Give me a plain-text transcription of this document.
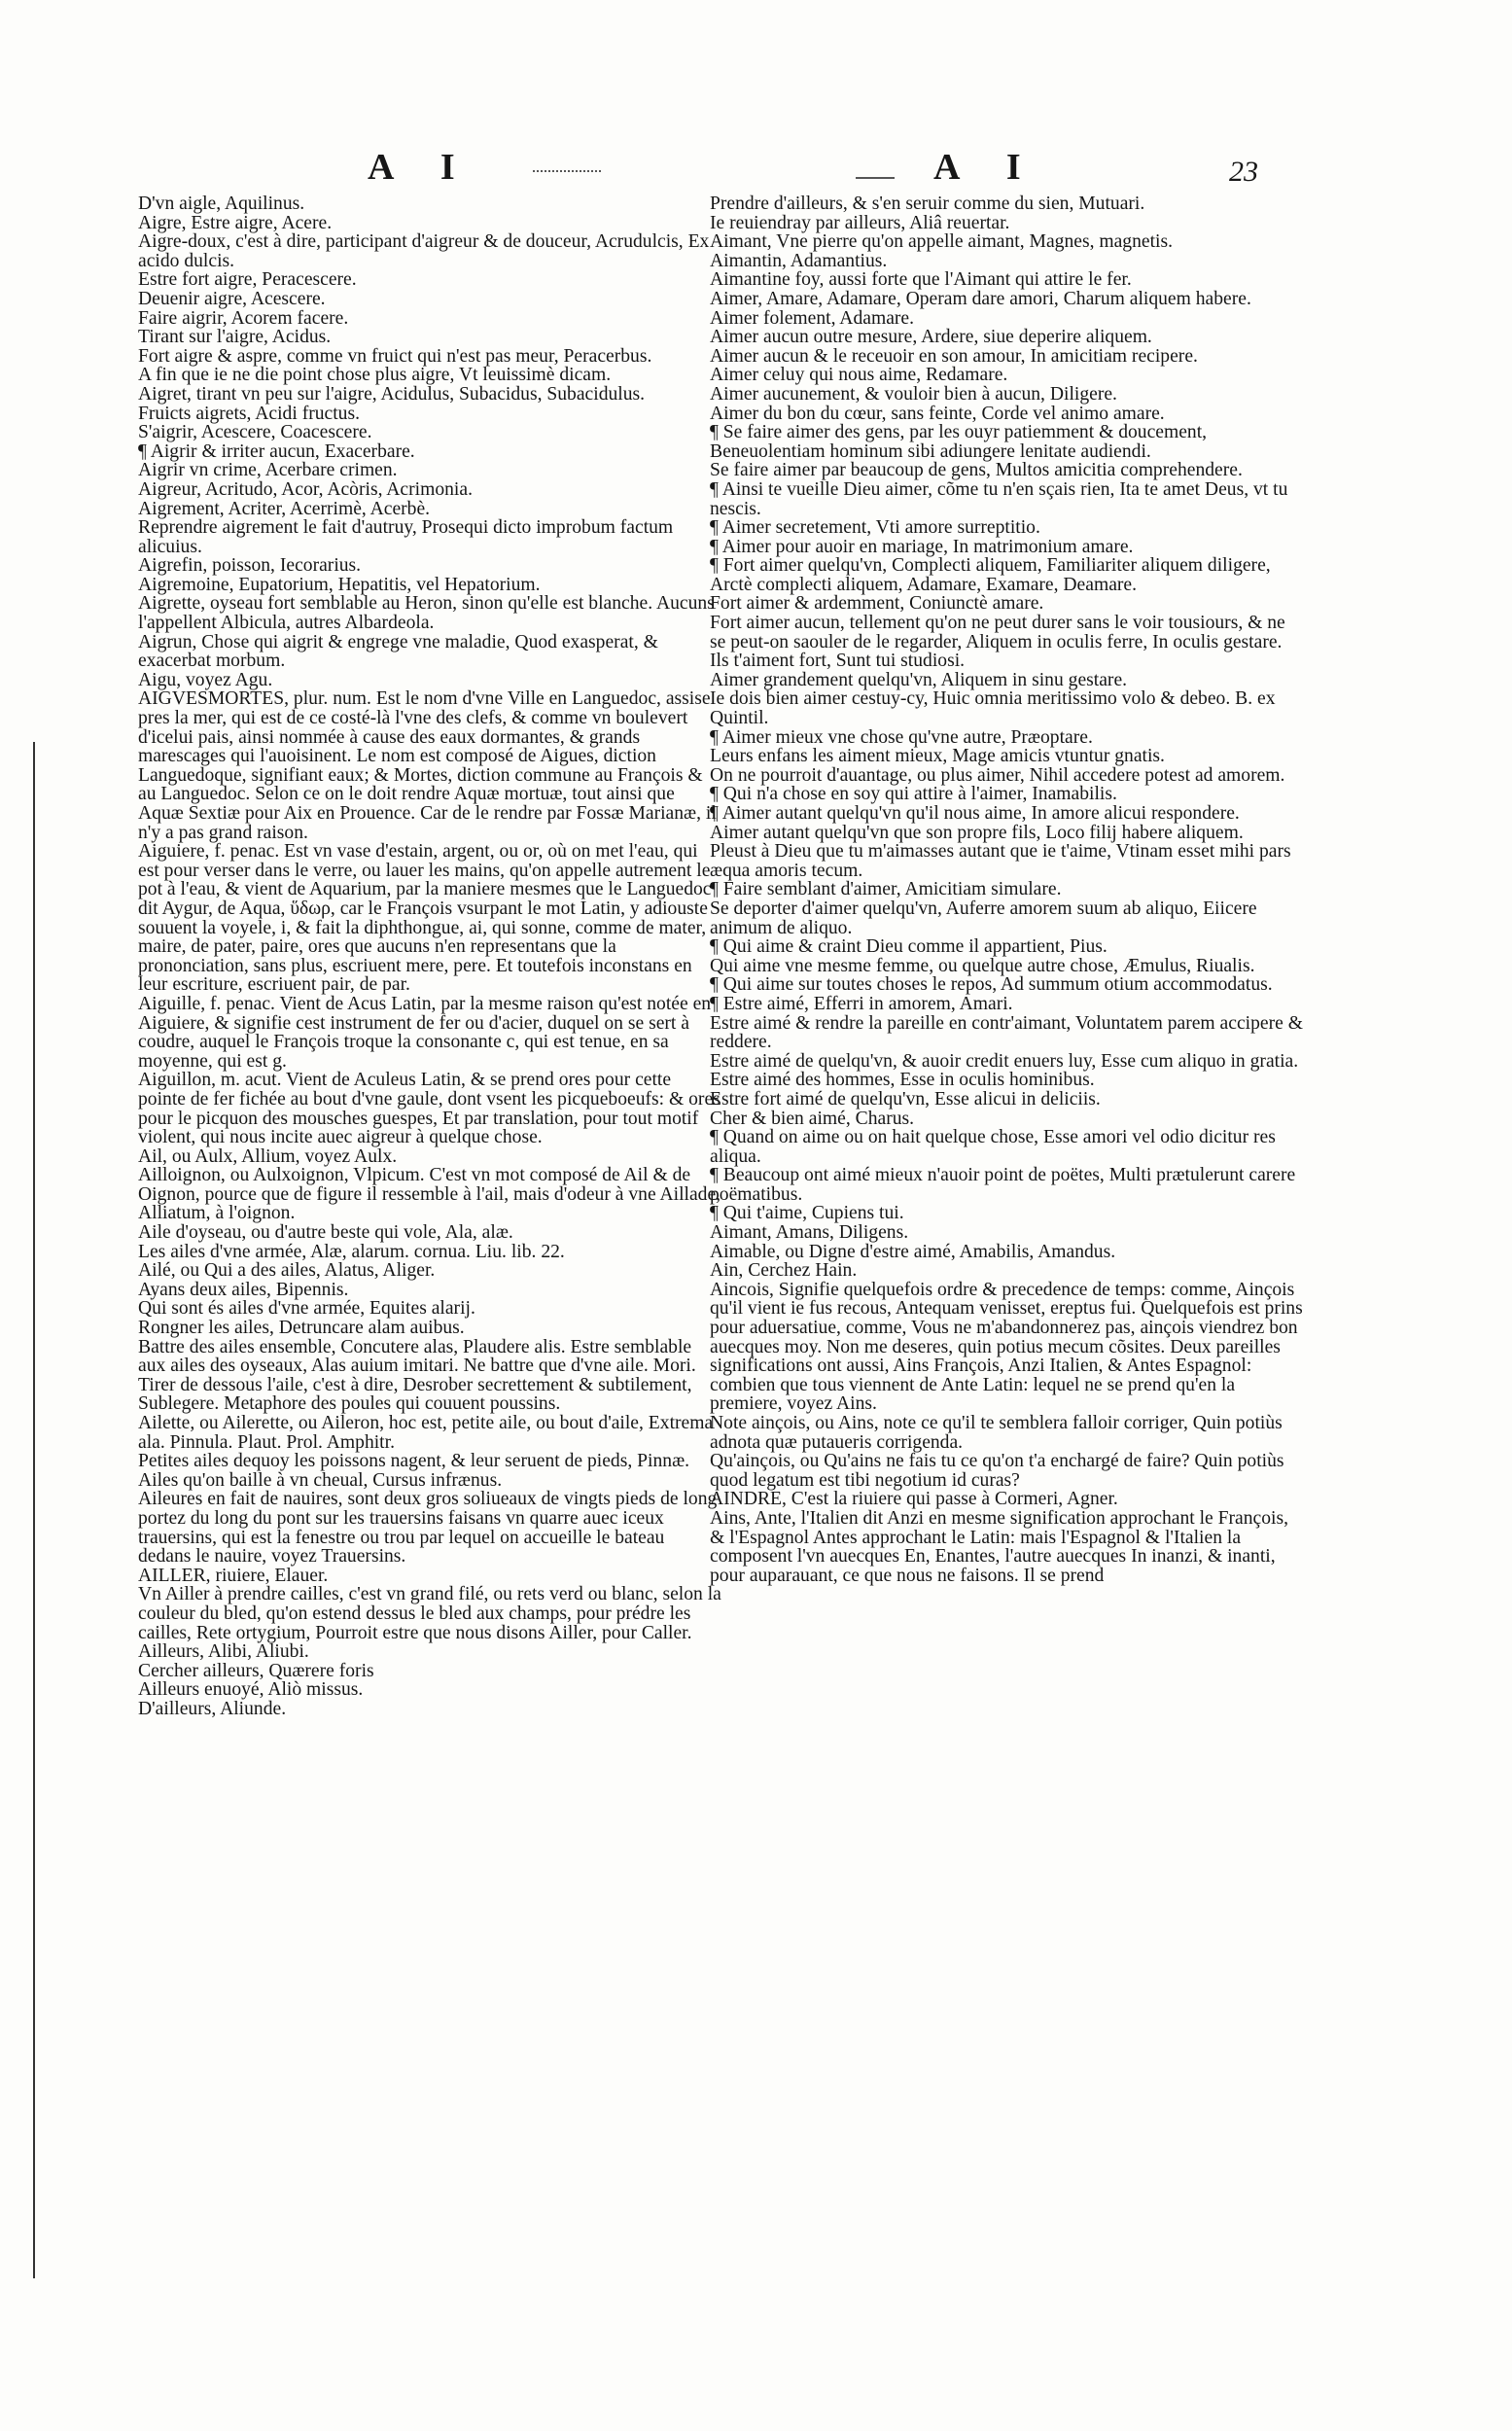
A I	A I	23

D'vn aigle, Aquilinus.

Aigre, Estre aigre, Acere.

Aigre-doux, c'est à dire, participant d'aigreur & de douceur, Acrudulcis, Ex acido dulcis.

Estre fort aigre, Peracescere.

Deuenir aigre, Acescere.

Faire aigrir, Acorem facere.

Tirant sur l'aigre, Acidus.

Fort aigre & aspre, comme vn fruict qui n'est pas meur, Peracerbus.

A fin que ie ne die point chose plus aigre, Vt leuissimè dicam.

Aigret, tirant vn peu sur l'aigre, Acidulus, Subacidus, Subacidulus.

Fruicts aigrets, Acidi fructus.

S'aigrir, Acescere, Coacescere.

¶ Aigrir & irriter aucun, Exacerbare.

Aigrir vn crime, Acerbare crimen.

Aigreur, Acritudo, Acor, Acòris, Acrimonia.

Aigrement, Acriter, Acerrimè, Acerbè.

Reprendre aigrement le fait d'autruy, Prosequi dicto improbum factum alicuius.

Aigrefin, poisson, Iecorarius.

Aigremoine, Eupatorium, Hepatitis, vel Hepatorium.

Aigrette, oyseau fort semblable au Heron, sinon qu'elle est blanche. Aucuns l'appellent Albicula, autres Albardeola.

Aigrun, Chose qui aigrit & engrege vne maladie, Quod exasperat, & exacerbat morbum.

Aigu, voyez Agu.

AIGVESMORTES, plur. num. Est le nom d'vne Ville en Languedoc, assise pres la mer, qui est de ce costé-là l'vne des clefs, & comme vn boulevert d'icelui pais, ainsi nommée à cause des eaux dormantes, & grands marescages qui l'auoisinent. Le nom est composé de Aigues, diction Languedoque, signifiant eaux; & Mortes, diction commune au François & au Languedoc. Selon ce on le doit rendre Aquæ mortuæ, tout ainsi que Aquæ Sextiæ pour Aix en Prouence. Car de le rendre par Fossæ Marianæ, il n'y a pas grand raison.

Aiguiere, f. penac. Est vn vase d'estain, argent, ou or, où on met l'eau, qui est pour verser dans le verre, ou lauer les mains, qu'on appelle autrement le pot à l'eau, & vient de Aquarium, par la maniere mesmes que le Languedoc dit Aygur, de Aqua, ὕδωρ, car le François vsurpant le mot Latin, y adiouste souuent la voyele, i, & fait la diphthongue, ai, qui sonne, comme de mater, maire, de pater, paire, ores que aucuns n'en representans que la prononciation, sans plus, escriuent mere, pere. Et toutefois inconstans en leur escriture, escriuent pair, de par.

Aiguille, f. penac. Vient de Acus Latin, par la mesme raison qu'est notée en Aiguiere, & signifie cest instrument de fer ou d'acier, duquel on se sert à coudre, auquel le François troque la consonante c, qui est tenue, en sa moyenne, qui est g.

Aiguillon, m. acut. Vient de Aculeus Latin, & se prend ores pour cette pointe de fer fichée au bout d'vne gaule, dont vsent les picqueboeufs: & ores pour le picquon des mousches guespes, Et par translation, pour tout motif violent, qui nous incite auec aigreur à quelque chose.

Ail, ou Aulx, Allium, voyez Aulx.

Ailloignon, ou Aulxoignon, Vlpicum. C'est vn mot composé de Ail & de Oignon, pource que de figure il ressemble à l'ail, mais d'odeur à vne Aillade, Alliatum, à l'oignon.

Aile d'oyseau, ou d'autre beste qui vole, Ala, alæ.

Les ailes d'vne armée, Alæ, alarum. cornua. Liu. lib. 22.

Ailé, ou Qui a des ailes, Alatus, Aliger.

Ayans deux ailes, Bipennis.

Qui sont és ailes d'vne armée, Equites alarij.

Rongner les ailes, Detruncare alam auibus.

Battre des ailes ensemble, Concutere alas, Plaudere alis. Estre semblable aux ailes des oyseaux, Alas auium imitari. Ne battre que d'vne aile. Mori.

Tirer de dessous l'aile, c'est à dire, Desrober secrettement & subtilement, Sublegere. Metaphore des poules qui couuent poussins.

Ailette, ou Ailerette, ou Aileron, hoc est, petite aile, ou bout d'aile, Extrema ala. Pinnula. Plaut. Prol. Amphitr.

Petites ailes dequoy les poissons nagent, & leur seruent de pieds, Pinnæ.

Ailes qu'on baille à vn cheual, Cursus infrænus.

Aileures en fait de nauires, sont deux gros soliueaux de vingts pieds de long portez du long du pont sur les trauersins faisans vn quarre auec iceux trauersins, qui est la fenestre ou trou par lequel on accueille le bateau dedans le nauire, voyez Trauersins.

AILLER, riuiere, Elauer.

Vn Ailler à prendre cailles, c'est vn grand filé, ou rets verd ou blanc, selon la couleur du bled, qu'on estend dessus le bled aux champs, pour prédre les cailles, Rete ortygium, Pourroit estre que nous disons Ailler, pour Caller.

Ailleurs, Alibi, Aliubi.

Cercher ailleurs, Quærere foris

Ailleurs enuoyé, Aliò missus.

D'ailleurs, Aliunde.

Prendre d'ailleurs, & s'en seruir comme du sien, Mutuari.

Ie reuiendray par ailleurs, Aliâ reuertar.

Aimant, Vne pierre qu'on appelle aimant, Magnes, magnetis.

Aimantin, Adamantius.

Aimantine foy, aussi forte que l'Aimant qui attire le fer.

Aimer, Amare, Adamare, Operam dare amori, Charum aliquem habere.

Aimer folement, Adamare.

Aimer aucun outre mesure, Ardere, siue deperire aliquem.

Aimer aucun & le receuoir en son amour, In amicitiam recipere.

Aimer celuy qui nous aime, Redamare.

Aimer aucunement, & vouloir bien à aucun, Diligere.

Aimer du bon du cœur, sans feinte, Corde vel animo amare.

¶ Se faire aimer des gens, par les ouyr patiemment & doucement, Beneuolentiam hominum sibi adiungere lenitate audiendi.

Se faire aimer par beaucoup de gens, Multos amicitia comprehendere.

¶ Ainsi te vueille Dieu aimer, cõme tu n'en sçais rien, Ita te amet Deus, vt tu nescis.

¶ Aimer secretement, Vti amore surreptitio.

¶ Aimer pour auoir en mariage, In matrimonium amare.

¶ Fort aimer quelqu'vn, Complecti aliquem, Familiariter aliquem diligere, Arctè complecti aliquem, Adamare, Examare, Deamare.

Fort aimer & ardemment, Coniunctè amare.

Fort aimer aucun, tellement qu'on ne peut durer sans le voir tousiours, & ne se peut-on saouler de le regarder, Aliquem in oculis ferre, In oculis gestare.

Ils t'aiment fort, Sunt tui studiosi.

Aimer grandement quelqu'vn, Aliquem in sinu gestare.

Ie dois bien aimer cestuy-cy, Huic omnia meritissimo volo & debeo. B. ex Quintil.

¶ Aimer mieux vne chose qu'vne autre, Præoptare.

Leurs enfans les aiment mieux, Mage amicis vtuntur gnatis.

On ne pourroit d'auantage, ou plus aimer, Nihil accedere potest ad amorem.

¶ Qui n'a chose en soy qui attire à l'aimer, Inamabilis.

¶ Aimer autant quelqu'vn qu'il nous aime, In amore alicui respondere.

Aimer autant quelqu'vn que son propre fils, Loco filij habere aliquem.

Pleust à Dieu que tu m'aimasses autant que ie t'aime, Vtinam esset mihi pars æqua amoris tecum.

¶ Faire semblant d'aimer, Amicitiam simulare.

Se deporter d'aimer quelqu'vn, Auferre amorem suum ab aliquo, Eiicere animum de aliquo.

¶ Qui aime & craint Dieu comme il appartient, Pius.

Qui aime vne mesme femme, ou quelque autre chose, Æmulus, Riualis.

¶ Qui aime sur toutes choses le repos, Ad summum otium accommodatus.

¶ Estre aimé, Efferri in amorem, Amari.

Estre aimé & rendre la pareille en contr'aimant, Voluntatem parem accipere & reddere.

Estre aimé de quelqu'vn, & auoir credit enuers luy, Esse cum aliquo in gratia.

Estre aimé des hommes, Esse in oculis hominibus.

Estre fort aimé de quelqu'vn, Esse alicui in deliciis.

Cher & bien aimé, Charus.

¶ Quand on aime ou on hait quelque chose, Esse amori vel odio dicitur res aliqua.

¶ Beaucoup ont aimé mieux n'auoir point de poëtes, Multi prætulerunt carere poëmatibus.

¶ Qui t'aime, Cupiens tui.

Aimant, Amans, Diligens.

Aimable, ou Digne d'estre aimé, Amabilis, Amandus.

Ain, Cerchez Hain.

Aincois, Signifie quelquefois ordre & precedence de temps: comme, Ainçois qu'il vient ie fus recous, Antequam venisset, ereptus fui. Quelquefois est prins pour aduersatiue, comme, Vous ne m'abandonnerez pas, ainçois viendrez bon auecques moy. Non me deseres, quin potius mecum cõsites. Deux pareilles significations ont aussi, Ains François, Anzi Italien, & Antes Espagnol: combien que tous viennent de Ante Latin: lequel ne se prend qu'en la premiere, voyez Ains.

Note ainçois, ou Ains, note ce qu'il te semblera falloir corriger, Quin potiùs adnota quæ putaueris corrigenda.

Qu'ainçois, ou Qu'ains ne fais tu ce qu'on t'a enchargé de faire? Quin potiùs quod legatum est tibi negotium id curas?

AINDRE, C'est la riuiere qui passe à Cormeri, Agner.

Ains, Ante, l'Italien dit Anzi en mesme signification approchant le François, & l'Espagnol Antes approchant le Latin: mais l'Espagnol & l'Italien la composent l'vn auecques En, Enantes, l'autre auecques In inanzi, & inanti, pour auparauant, ce que nous ne faisons. Il se prend
